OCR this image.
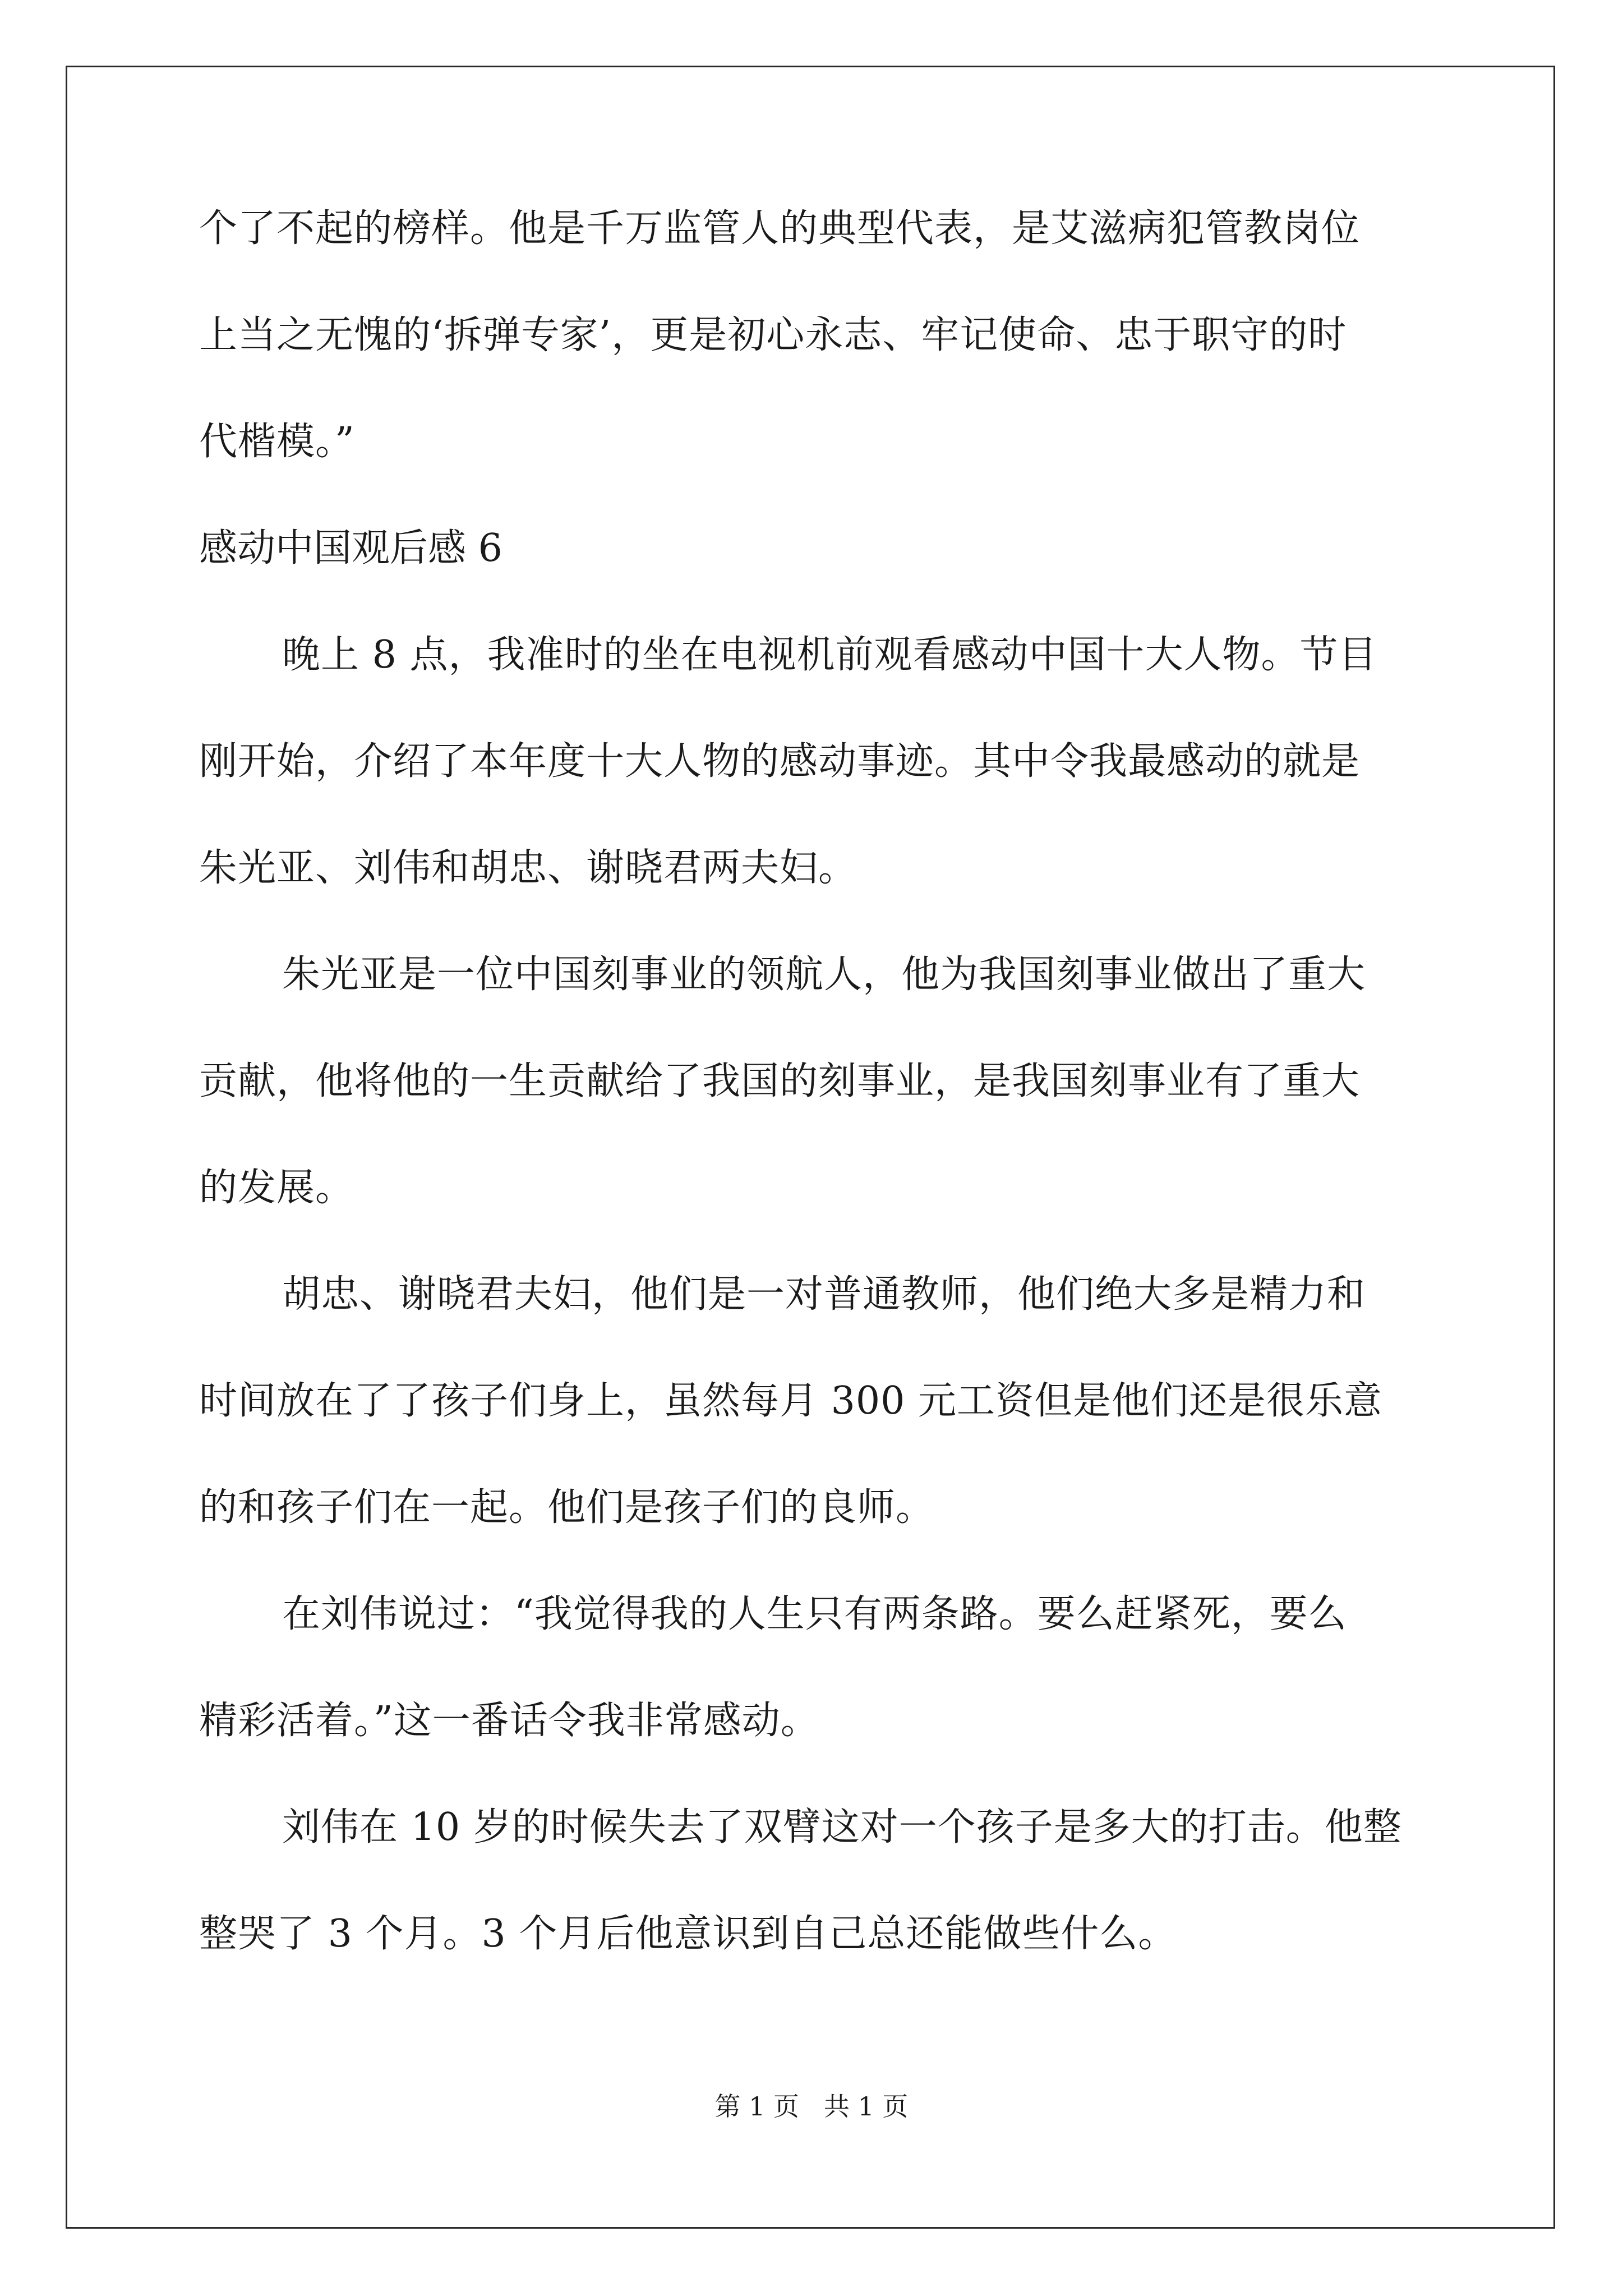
个了不起的榜样。他是千万监管人的典型代表，是艾滋病犯管教岗位
上当之无愧的‘拆弹专家’，更是初心永志、牢记使命、忠于职守的时
代楷模。”
感动中国观后感 6
晚上 8 点，我准时的坐在电视机前观看感动中国十大人物。节目
刚开始，介绍了本年度十大人物的感动事迹。其中令我最感动的就是
朱光亚、刘伟和胡忠、谢晓君两夫妇。
朱光亚是一位中国刻事业的领航人，他为我国刻事业做出了重大
贡献，他将他的一生贡献给了我国的刻事业，是我国刻事业有了重大
的发展。
胡忠、谢晓君夫妇，他们是一对普通教师，他们绝大多是精力和
时间放在了了孩子们身上，虽然每月 300 元工资但是他们还是很乐意
的和孩子们在一起。他们是孩子们的良师。
在刘伟说过：“我觉得我的人生只有两条路。要么赶紧死，要么
精彩活着。”这一番话令我非常感动。
刘伟在 10 岁的时候失去了双臂这对一个孩子是多大的打击。他整
整哭了 3 个月。3 个月后他意识到自己总还能做些什么。
第 1 页   共 1 页
